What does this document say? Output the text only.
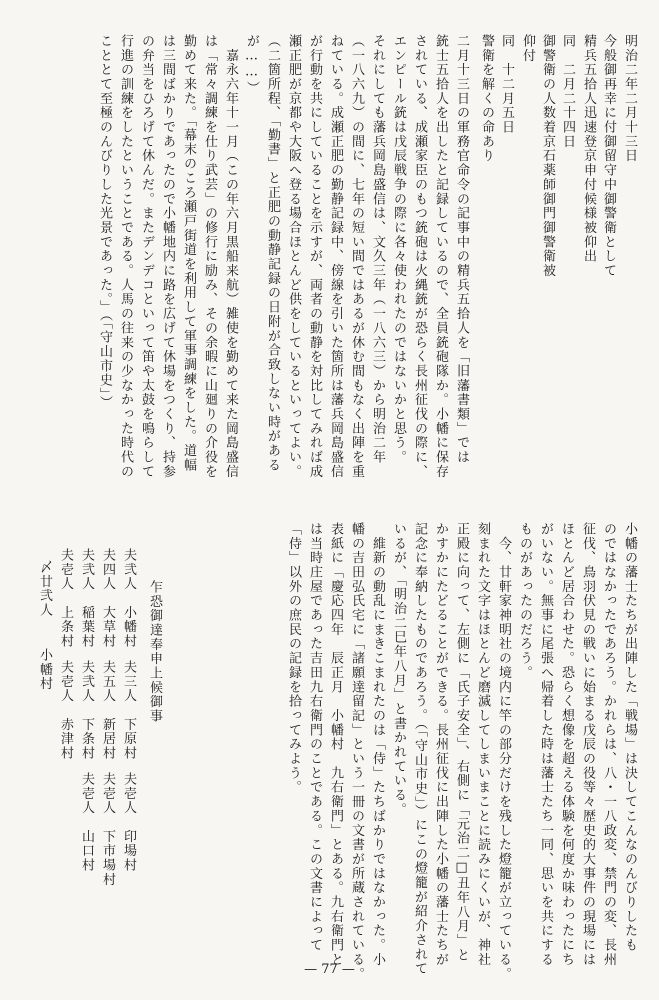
明治二年二月十三日
今般御再幸に付御留守中御警衛として
精兵五拾人迅速登京申付候様被仰出
同　二月二十四日
御警衛の人数着京石薬師御門御警衛被
仰付
同　十二月五日
警衛を解くの命あり
二月十三日の軍務官命令の記事中の精兵五拾人を「旧藩書類」では
銃士五拾人を出したと記録しているので、全員銃砲隊か。小幡に保存
されている、成瀬家臣のもつ銃砲は火縄銃が恐らく長州征伐の際に、
エンピール銃は戊辰戦争の際に各々使われたのではないかと思う。
それにしても藩兵岡島盛信は、文久三年（一八六三）から明治二年
（一八六九）の間に、七年の短い間ではあるが休む間もなく出陣を重
ねている。成瀬正肥の勤静記録中、傍線を引いた箇所は藩兵岡島盛信
が行動を共にしていることを示すが、両者の動静を対比してみれば成
瀬正肥が京都や大阪へ登る場合ほとんど供をしているといってよい。
（二箇所程、「勤書」と正肥の動静記録の日附が合致しない時がある
が……）
　嘉永六年十一月（この年六月黒船来航）雑使を勤めて来た岡島盛信
は「常々調練を仕り武芸」の修行に励み、その余暇に山廻りの介役を
勤めて来た。「幕末のころ瀬戸街道を利用して軍事調練をした。道幅
は三間ばかりであったので小幡地内に路を広げて休場をつくり、持参
の弁当をひろげて休んだ。またデンデコといって笛や太鼓を鳴らして
行進の訓練をしたということである。人馬の往来の少なかった時代の
こととて至極のんびりした光景であった。」（「守山市史」）
小幡の藩士たちが出陣した「戦場」は決してこんなのんびりしたも
のではなかったであろう。かれらは、八・一八政変、禁門の変、長州
征伐、鳥羽伏見の戦いに始まる戊辰の役等々歴史的大事件の現場には
ほとんど居合わせた。恐らく想像を超える体験を何度か味わったにち
がいない。無事に尾張へ帰着した時は藩士たち一同、思いを共にする
ものがあったのだろう。
　今、廿軒家神明社の境内に竿の部分だけを残した燈籠が立っている。
刻まれた文字はほとんど磨滅してしまいまことに読みにくいが、神社
正殿に向って、左側に「氏子安全」、右側に「元治二□丑年八月」と
かすかにたどることができる。長州征伐に出陣した小幡の藩士たちが
記念に奉納したものであろう。（「守山市史」）にこの燈籠が紹介されて
いるが、「明治二巳年八月」と書かれている。
　維新の動乱にまきこまれたのは「侍」たちばかりではなかった。小
幡の吉田弘氏宅に「諸願達留記」という一冊の文書が所蔵されている。
表紙に「慶応四年　辰正月　小幡村　九右衛門」とある。九右衛門と
は当時庄屋であった吉田九右衛門のことである。この文書によって
「侍」以外の庶民の記録を拾ってみよう。
乍恐御達奉申上候御事
夫弐人　小幡村
夫三人　下原村
夫壱人　印場村
夫四人　大草村
夫五人　新居村
夫壱人　下市場村
夫弐人　稲葉村
夫弐人　下条村
夫壱人　山口村
夫壱人　上条村
夫壱人　赤津村
〆廿弐人
小幡村
— 77 —
